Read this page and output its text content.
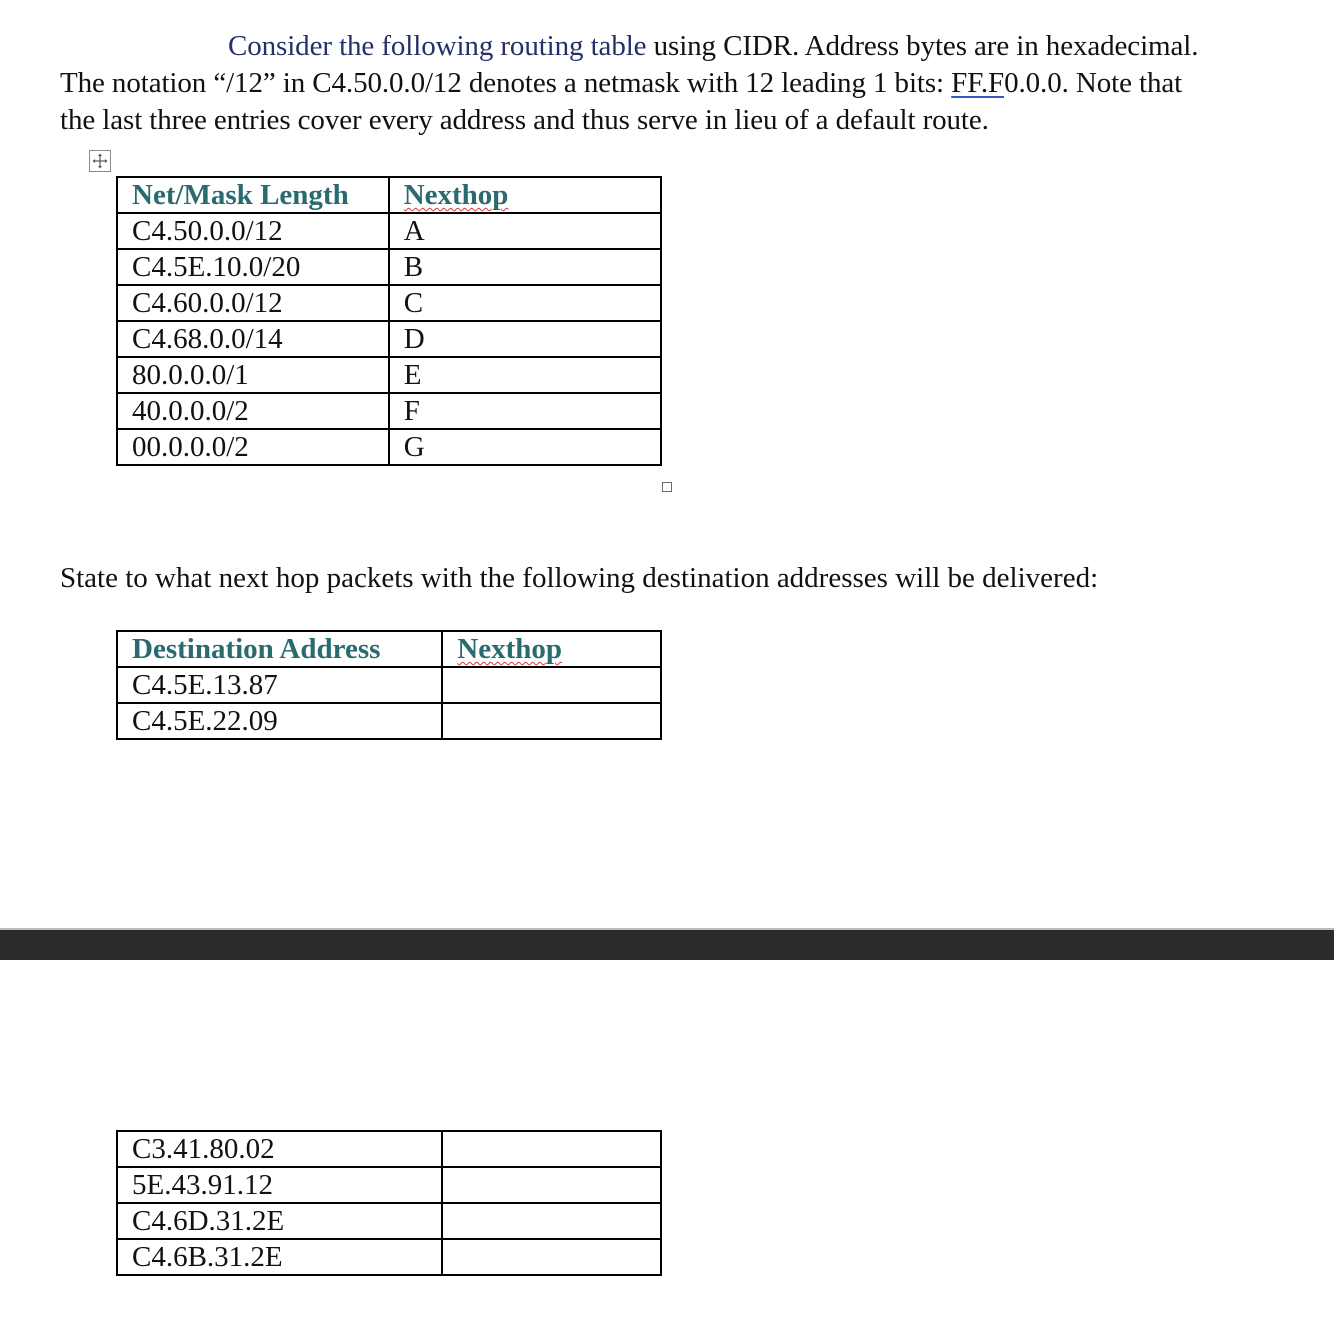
Consider the following routing table using CIDR. Address bytes are in hexadecimal.
The notation “/12” in C4.50.0.0/12 denotes a netmask with 12 leading 1 bits: FF.F0.0.0. Note that
the last three entries cover every address and thus serve in lieu of a default route.
Net/Mask Length	Nexthop
C4.50.0.0/12	A
C4.5E.10.0/20	B
C4.60.0.0/12	C
C4.68.0.0/14	D
80.0.0.0/1	E
40.0.0.0/2	F
00.0.0.0/2	G
State to what next hop packets with the following destination addresses will be delivered:
Destination Address	Nexthop
C4.5E.13.87	
C4.5E.22.09	
C3.41.80.02	
5E.43.91.12	
C4.6D.31.2E	
C4.6B.31.2E	
